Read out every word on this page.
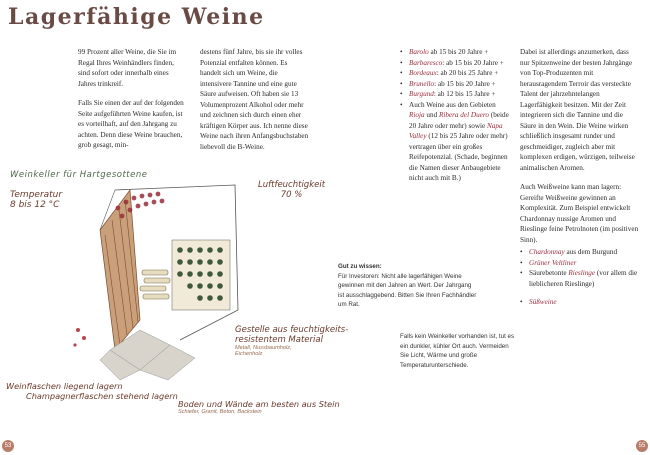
Lagerfähige Weine

99 Prozent aller Weine, die Sie im Regal Ihres Weinhändlers finden, sind sofort oder innerhalb eines Jahres trinkreif.

Falls Sie einen der auf der folgenden Seite aufgeführten Weine kaufen, ist es vorteilhaft, auf den Jahrgang zu achten. Denn diese Weine brauchen, grob gesagt, min-

destens fünf Jahre, bis sie ihr volles Potenzial entfalten können. Es handelt sich um Weine, die intensivere Tannine und eine gute Säure aufweisen. Oft haben sie 13 Volumenprozent Alkohol oder mehr und zeichnen sich durch einen eher kräftigen Körper aus. Ich nenne diese Weine nach ihren Anfangsbuchstaben liebevoll die B-Weine.

• Barolo ab 15 bis 20 Jahre +
• Barbaresco: ab 15 bis 20 Jahre +
• Bordeaux: ab 20 bis 25 Jahre +
• Brunello: ab 15 bis 20 Jahre +
• Burgund: ab 12 bis 15 Jahre +
• Auch Weine aus den Gebieten Rioja und Ribera del Duero (beide 20 Jahre oder mehr) sowie Napa Valley (12 bis 25 Jahre oder mehr) vertragen über ein großes Reifepotenzial. (Schade, beginnen die Namen dieser Anbaugebiete nicht auch mit B.)

Dabei ist allerdings anzumerken, dass nur Spitzenweine der besten Jahrgänge von Top-Produzenten mit herausragendem Terroir das versteckte Talent der jahrzehntelangen Lagerfähigkeit besitzen. Mit der Zeit integrieren sich die Tannine und die Säure in den Wein. Die Weine wirken schließlich insgesamt runder und geschmeidiger, zugleich aber mit komplexen erdigen, würzigen, teilweise animalischen Aromen.

Auch Weißweine kann man lagern: Gereifte Weißweine gewinnen an Komplexität. Zum Beispiel entwickelt Chardonnay nussige Aromen und Rieslinge feine Petrolnoten (im positiven Sinn).

• Chardonnay aus dem Burgund
• Grüner Veltliner
• Säurebetonte Rieslinge (vor allem die lieblicheren Rieslinge)
• Süßweine
Gut zu wissen:
Für Investoren: Nicht alle lagerfähigen Weine gewinnen mit den Jahren an Wert. Der Jahrgang ist ausschlaggebend. Bitten Sie Ihren Fachhändler um Rat.
Falls kein Weinkeller vorhanden ist, tut es ein dunkler, kühler Ort auch. Vermeiden Sie Licht, Wärme und große Temperaturunterschiede.
Weinkeller für Hartgesottene
Temperatur
8 bis 12 °C
Luftfeuchtigkeit
70 %
Gestelle aus feuchtigkeits-
resistentem Material
Metall, Nussbaumholz,
Eichenholz
Weinflaschen liegend lagern
Champagnerflaschen stehend lagern
Boden und Wände am besten aus Stein
Schiefer, Granit, Beton, Backstein
53	55
